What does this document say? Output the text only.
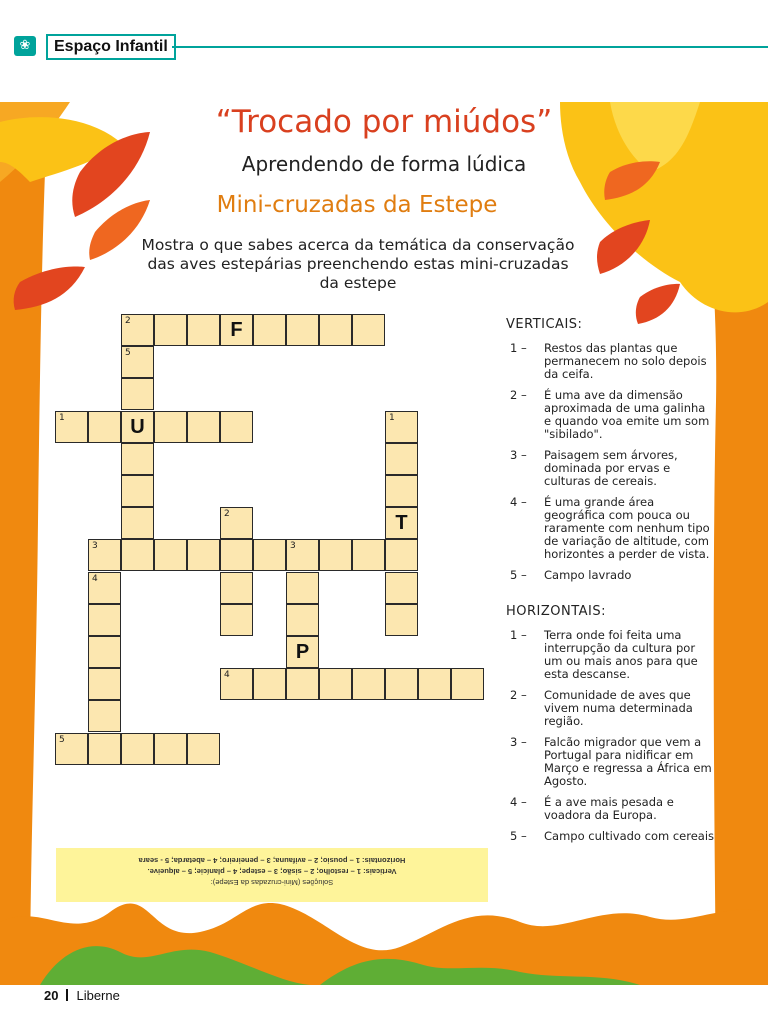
❀	Espaço Infantil
“Trocado por miúdos”
Aprendendo de forma lúdica
Mini-cruzadas da Estepe
Mostra o que sabes acerca da temática da conservação das aves estepárias preenchendo estas mini-cruzadas da estepe
2	F
5
U
1	1
T
2
3	3
P
4
4
5
VERTICAIS:
1 – Restos das plantas que permanecem no solo depois da ceifa.
2 – É uma ave da dimensão aproximada de uma galinha e quando voa emite um som "sibilado".
3 – Paisagem sem árvores, dominada por ervas e culturas de cereais.
4 – É uma grande área geográfica com pouca ou raramente com nenhum tipo de variação de altitude, com horizontes a perder de vista.
5 – Campo lavrado
HORIZONTAIS:
1 – Terra onde foi feita uma interrupção da cultura por um ou mais anos para que esta descanse.
2 – Comunidade de aves que vivem numa determinada região.
3 – Falcão migrador que vem a Portugal para nidificar em Março e regressa a África em Agosto.
4 – É a ave mais pesada e voadora da Europa.
5 – Campo cultivado com cereais
Soluções (Mini-cruzadas da Estepe):
Verticais: 1 – restolho; 2 – sisão; 3 – estepe; 4 – planície; 5 – alqueive.
Horizontais: 1 – pousio; 2 – avifauna; 3 – peneireiro; 4 – abetarda; 5 - seara
20 Liberne
